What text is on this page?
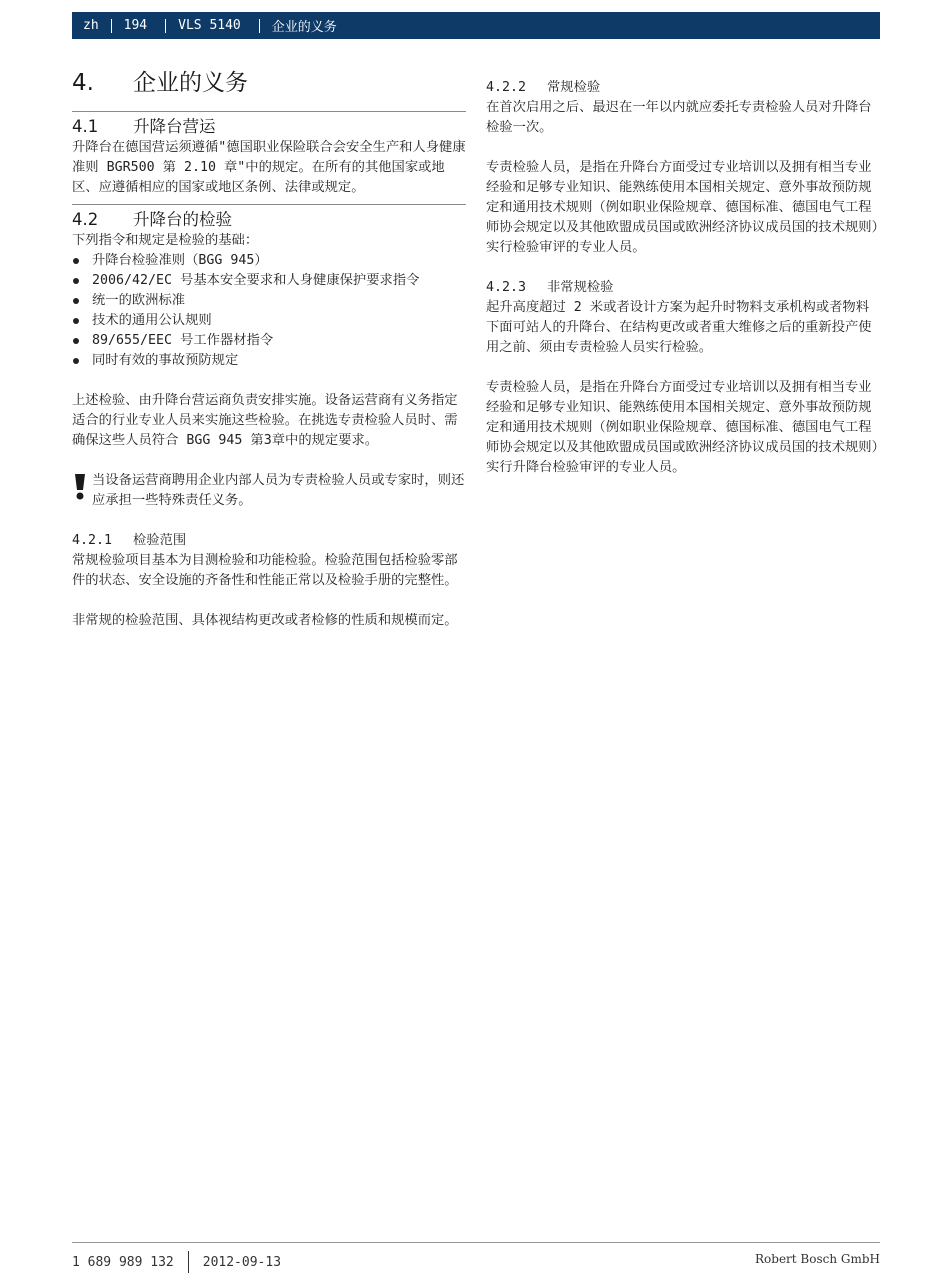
zh 194 VLS 5140 企业的义务
4.	企业的义务
4.1	升降台营运

升降台在德国营运须遵循"德国职业保险联合会安全生产和人身健康准则 BGR500 第 2.10 章"中的规定。在所有的其他国家或地区、应遵循相应的国家或地区条例、法律或规定。

4.2	升降台的检验

下列指令和规定是检验的基础：

升降台检验准则（BGG 945）
2006/42/EC 号基本安全要求和人身健康保护要求指令
统一的欧洲标准
技术的通用公认规则
89/655/EEC 号工作器材指令
同时有效的事故预防规定

上述检验、由升降台营运商负责安排实施。设备运营商有义务指定适合的行业专业人员来实施这些检验。在挑选专责检验人员时、需确保这些人员符合 BGG 945 第3章中的规定要求。

当设备运营商聘用企业内部人员为专责检验人员或专家时，则还应承担一些特殊责任义务。

4.2.1	检验范围

常规检验项目基本为目测检验和功能检验。检验范围包括检验零部件的状态、安全设施的齐备性和性能正常以及检验手册的完整性。

非常规的检验范围、具体视结构更改或者检修的性质和规模而定。

4.2.2	常规检验

在首次启用之后、最迟在一年以内就应委托专责检验人员对升降台检验一次。

专责检验人员，是指在升降台方面受过专业培训以及拥有相当专业经验和足够专业知识、能熟练使用本国相关规定、意外事故预防规定和通用技术规则（例如职业保险规章、德国标准、德国电气工程师协会规定以及其他欧盟成员国或欧洲经济协议成员国的技术规则）实行检验审评的专业人员。

4.2.3	非常规检验

起升高度超过 2 米或者设计方案为起升时物料支承机构或者物料下面可站人的升降台、在结构更改或者重大维修之后的重新投产使用之前、须由专责检验人员实行检验。

专责检验人员，是指在升降台方面受过专业培训以及拥有相当专业经验和足够专业知识、能熟练使用本国相关规定、意外事故预防规定和通用技术规则（例如职业保险规章、德国标准、德国电气工程师协会规定以及其他欧盟成员国或欧洲经济协议成员国的技术规则）实行升降台检验审评的专业人员。

1 689 989 132 2012-09-13	Robert Bosch GmbH
